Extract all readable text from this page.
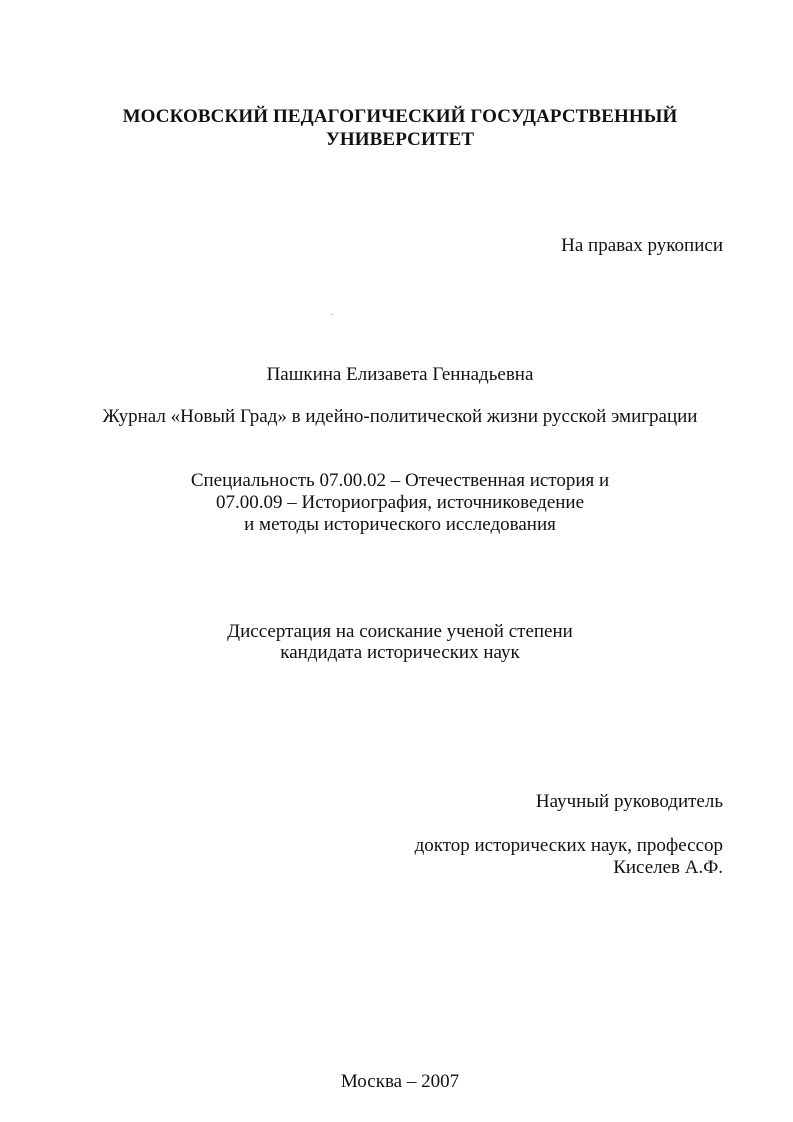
МОСКОВСКИЙ ПЕДАГОГИЧЕСКИЙ ГОСУДАРСТВЕННЫЙ

УНИВЕРСИТЕТ

На правах рукописи

Пашкина Елизавета Геннадьевна

Журнал «Новый Град» в идейно-политической жизни русской эмиграции

Специальность 07.00.02 – Отечественная история и

07.00.09 – Историография, источниковедение

и методы исторического исследования

Диссертация на соискание ученой степени

кандидата исторических наук

Научный руководитель

доктор исторических наук, профессор

Киселев А.Ф.

Москва – 2007
